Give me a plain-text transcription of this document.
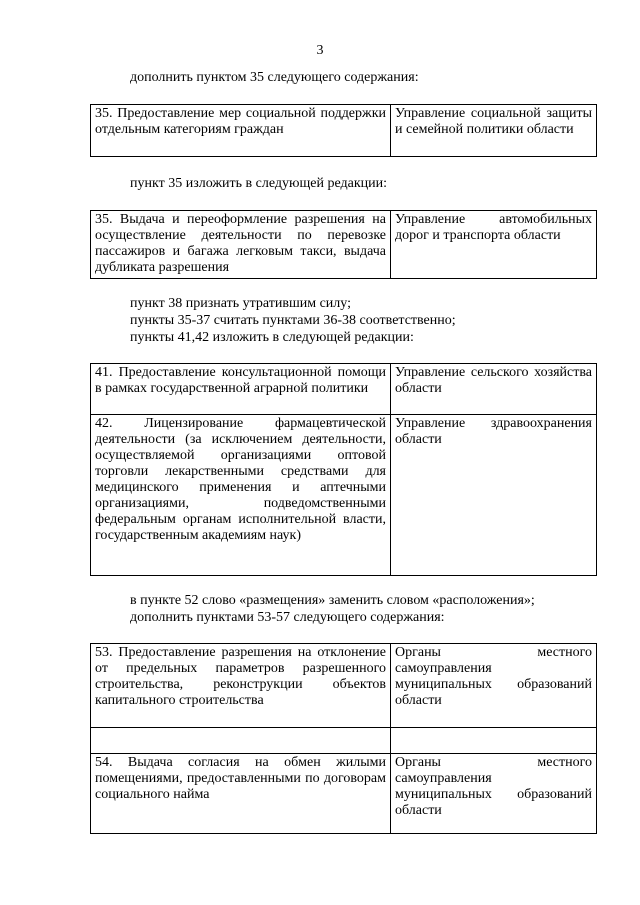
3
дополнить пунктом 35 следующего содержания:
35. Предоставление мер социальной поддержки отдельным категориям граждан	Управление социальной защиты и семейной политики области
пункт 35 изложить в следующей редакции:
35. Выдача и переоформление разрешения на осуществление деятельности по перевозке пассажиров и багажа легковым такси, выдача дубликата разрешения	Управление автомобильных дорог и транспорта области
пункт 38 признать утратившим силу;
пункты 35-37 считать пунктами 36-38 соответственно;
пункты 41,42 изложить в следующей редакции:
41. Предоставление консультационной помощи в рамках государственной аграрной политики	Управление сельского хозяйства области
42. Лицензирование фармацевтической деятельности (за исключением деятельности, осуществляемой организациями оптовой торговли лекарственными средствами для медицинского применения и аптечными организациями, подведомственными федеральным органам исполнительной власти, государственным академиям наук)	Управление здравоохранения области
в пункте 52 слово «размещения» заменить словом «расположения»;
дополнить пунктами 53-57 следующего содержания:
53. Предоставление разрешения на отклонение от предельных параметров разрешенного строительства, реконструкции объектов капитального строительства	Органы местного самоуправления муниципальных образований области

54. Выдача согласия на обмен жилыми помещениями, предоставленными по договорам социального найма	Органы местного самоуправления муниципальных образований области
